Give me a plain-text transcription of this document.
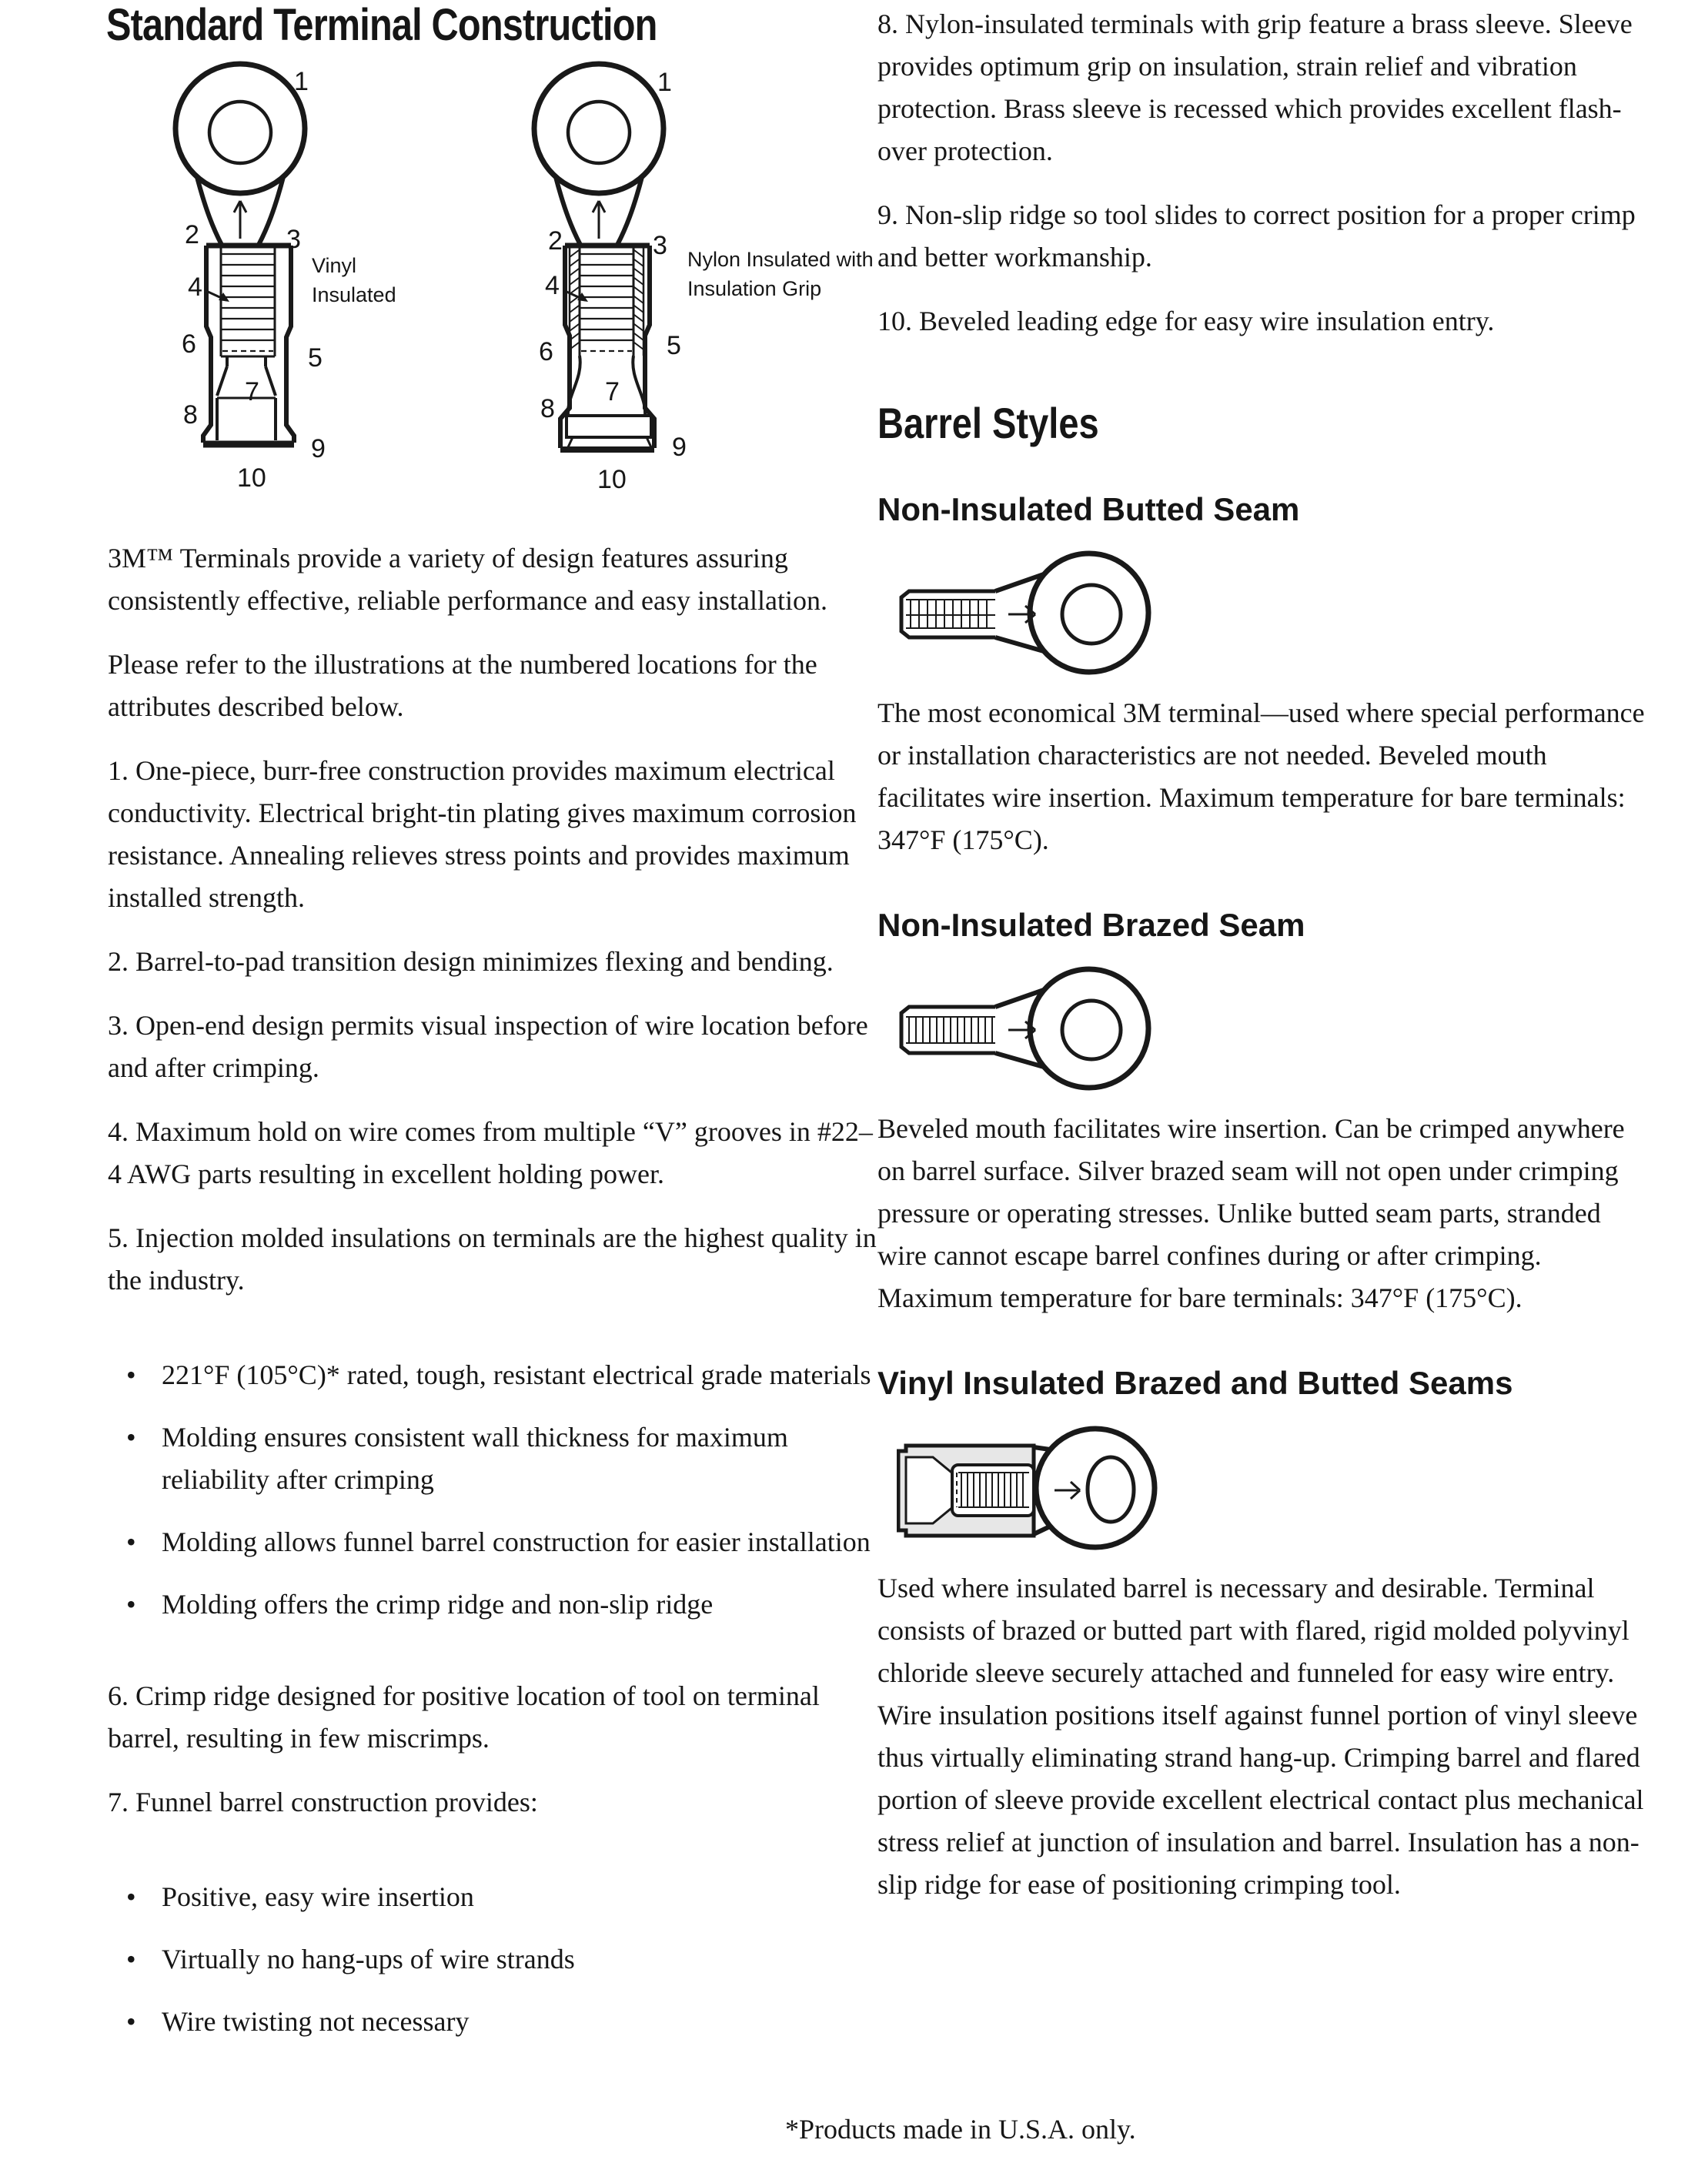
Standard Terminal Construction
1
2	3
4
5
6
7
8
9
10
1
2	3
4
5
6
7
8
9
10
Vinyl Insulated
Nylon Insulated with Insulation Grip

3M™ Terminals provide a variety of design features assuring consistently effective, reliable performance and easy installation.

Please refer to the illustrations at the numbered locations for the attributes described below.

1. One-piece, burr-free construction provides maximum electrical conductivity. Electrical bright-tin plating gives maximum corrosion resistance. Annealing relieves stress points and provides maximum installed strength.

2. Barrel-to-pad transition design minimizes flexing and bending.

3. Open-end design permits visual inspection of wire location before and after crimping.

4. Maximum hold on wire comes from multiple “V” grooves in #22–4 AWG parts resulting in excellent holding power.

5. Injection molded insulations on terminals are the highest quality in the industry.

• 221°F (105°C)* rated, tough, resistant electrical grade materials
• Molding ensures consistent wall thickness for maximum reliability after crimping
• Molding allows funnel barrel construction for easier installation
• Molding offers the crimp ridge and non-slip ridge

6. Crimp ridge designed for positive location of tool on terminal barrel, resulting in few miscrimps.

7. Funnel barrel construction provides:

• Positive, easy wire insertion
• Virtually no hang-ups of wire strands
• Wire twisting not necessary

8. Nylon-insulated terminals with grip feature a brass sleeve. Sleeve provides optimum grip on insulation, strain relief and vibration protection. Brass sleeve is recessed which provides excellent flash-over protection.

9. Non-slip ridge so tool slides to correct position for a proper crimp and better workmanship.

10. Beveled leading edge for easy wire insulation entry.

Barrel Styles
Non-Insulated Butted Seam

The most economical 3M terminal—used where special performance or installation characteristics are not needed. Beveled mouth facilitates wire insertion. Maximum temperature for bare terminals: 347°F (175°C).

Non-Insulated Brazed Seam

Beveled mouth facilitates wire insertion. Can be crimped anywhere on barrel surface. Silver brazed seam will not open under crimping pressure or operating stresses. Unlike butted seam parts, stranded wire cannot escape barrel confines during or after crimping. Maximum temperature for bare terminals: 347°F (175°C).

Vinyl Insulated Brazed and Butted Seams

Used where insulated barrel is necessary and desirable. Terminal consists of brazed or butted part with flared, rigid molded polyvinyl chloride sleeve securely attached and funneled for easy wire entry. Wire insulation positions itself against funnel portion of vinyl sleeve thus virtually eliminating strand hang-up. Crimping barrel and flared portion of sleeve provide excellent electrical contact plus mechanical stress relief at junction of insulation and barrel. Insulation has a non-slip ridge for ease of positioning crimping tool.

*Products made in U.S.A. only.
